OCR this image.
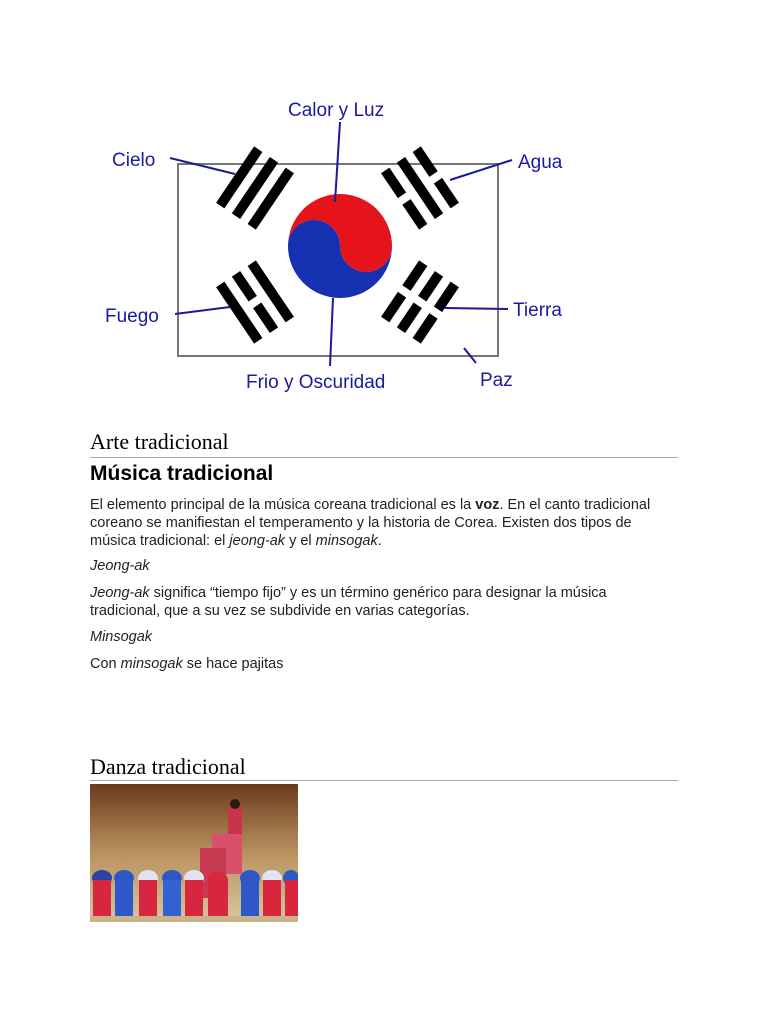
Calor y Luz
Cielo	Agua
Fuego	Tierra
Frio y Oscuridad	Paz
Arte tradicional
Música tradicional

El elemento principal de la música coreana tradicional es la voz. En el canto tradicional coreano se manifiestan el temperamento y la historia de Corea. Existen dos tipos de música tradicional: el jeong-ak y el minsogak.

Jeong-ak

Jeong-ak significa “tiempo fijo” y es un término genérico para designar la música tradicional, que a su vez se subdivide en varias categorías.

Minsogak

Con minsogak se hace pajitas

Danza tradicional
